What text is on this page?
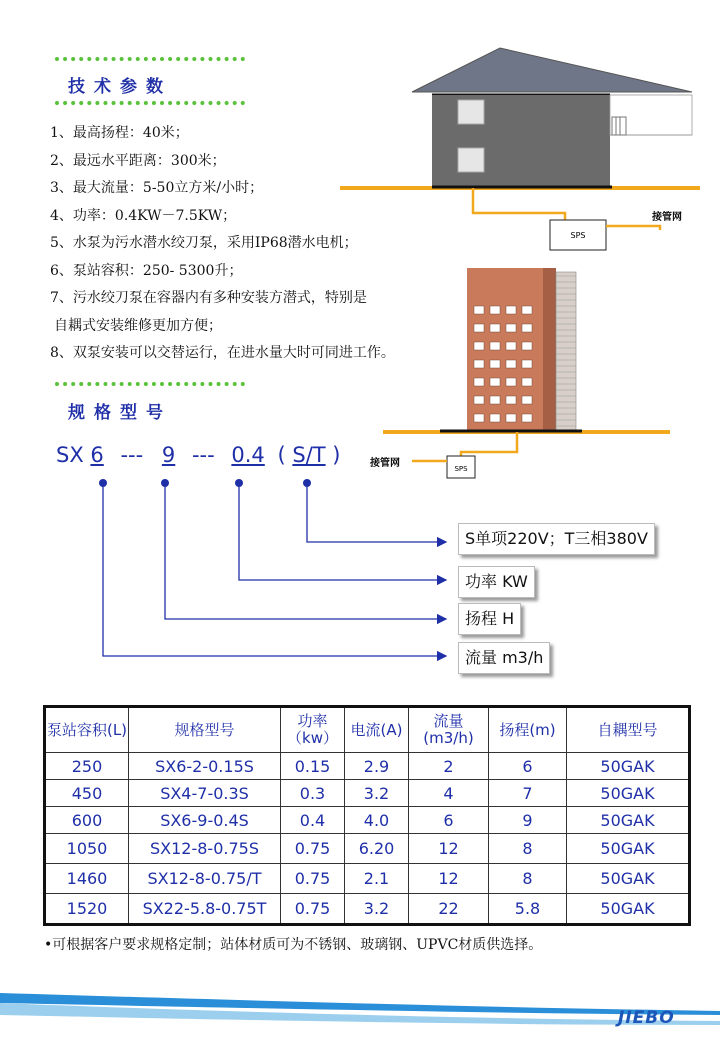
技术参数
SPS
接管网
SPS
接管网
1、最高扬程：40米；
2、最远水平距离：300米；
3、最大流量：5-50立方米/小时；
4、功率：0.4KW－7.5KW；
5、水泵为污水潜水绞刀泵，采用IP68潜水电机；
6、泵站容积：250- 5300升；
7、污水绞刀泵在容器内有多种安装方潜式，特别是
自耦式安装维修更加方便；
8、双泵安装可以交替运行，在进水量大时可同进工作。
规格型号
SX 6 --- 9 --- 0.4 ( S/T )
S单项220V；T三相380V
功率 KW
扬程 H
流量 m3/h
泵站容积(L)	规格型号	功率（kw）	电流(A)	流量(m3/h)	扬程(m)	自耦型号
250	SX6-2-0.15S	0.15	2.9	2	6	50GAK
450	SX4-7-0.3S	0.3	3.2	4	7	50GAK
600	SX6-9-0.4S	0.4	4.0	6	9	50GAK
1050	SX12-8-0.75S	0.75	6.20	12	8	50GAK
1460	SX12-8-0.75/T	0.75	2.1	12	8	50GAK
1520	SX22-5.8-0.75T	0.75	3.2	22	5.8	50GAK
•可根据客户要求规格定制；站体材质可为不锈钢、玻璃钢、UPVC材质供选择。
JIEBO
